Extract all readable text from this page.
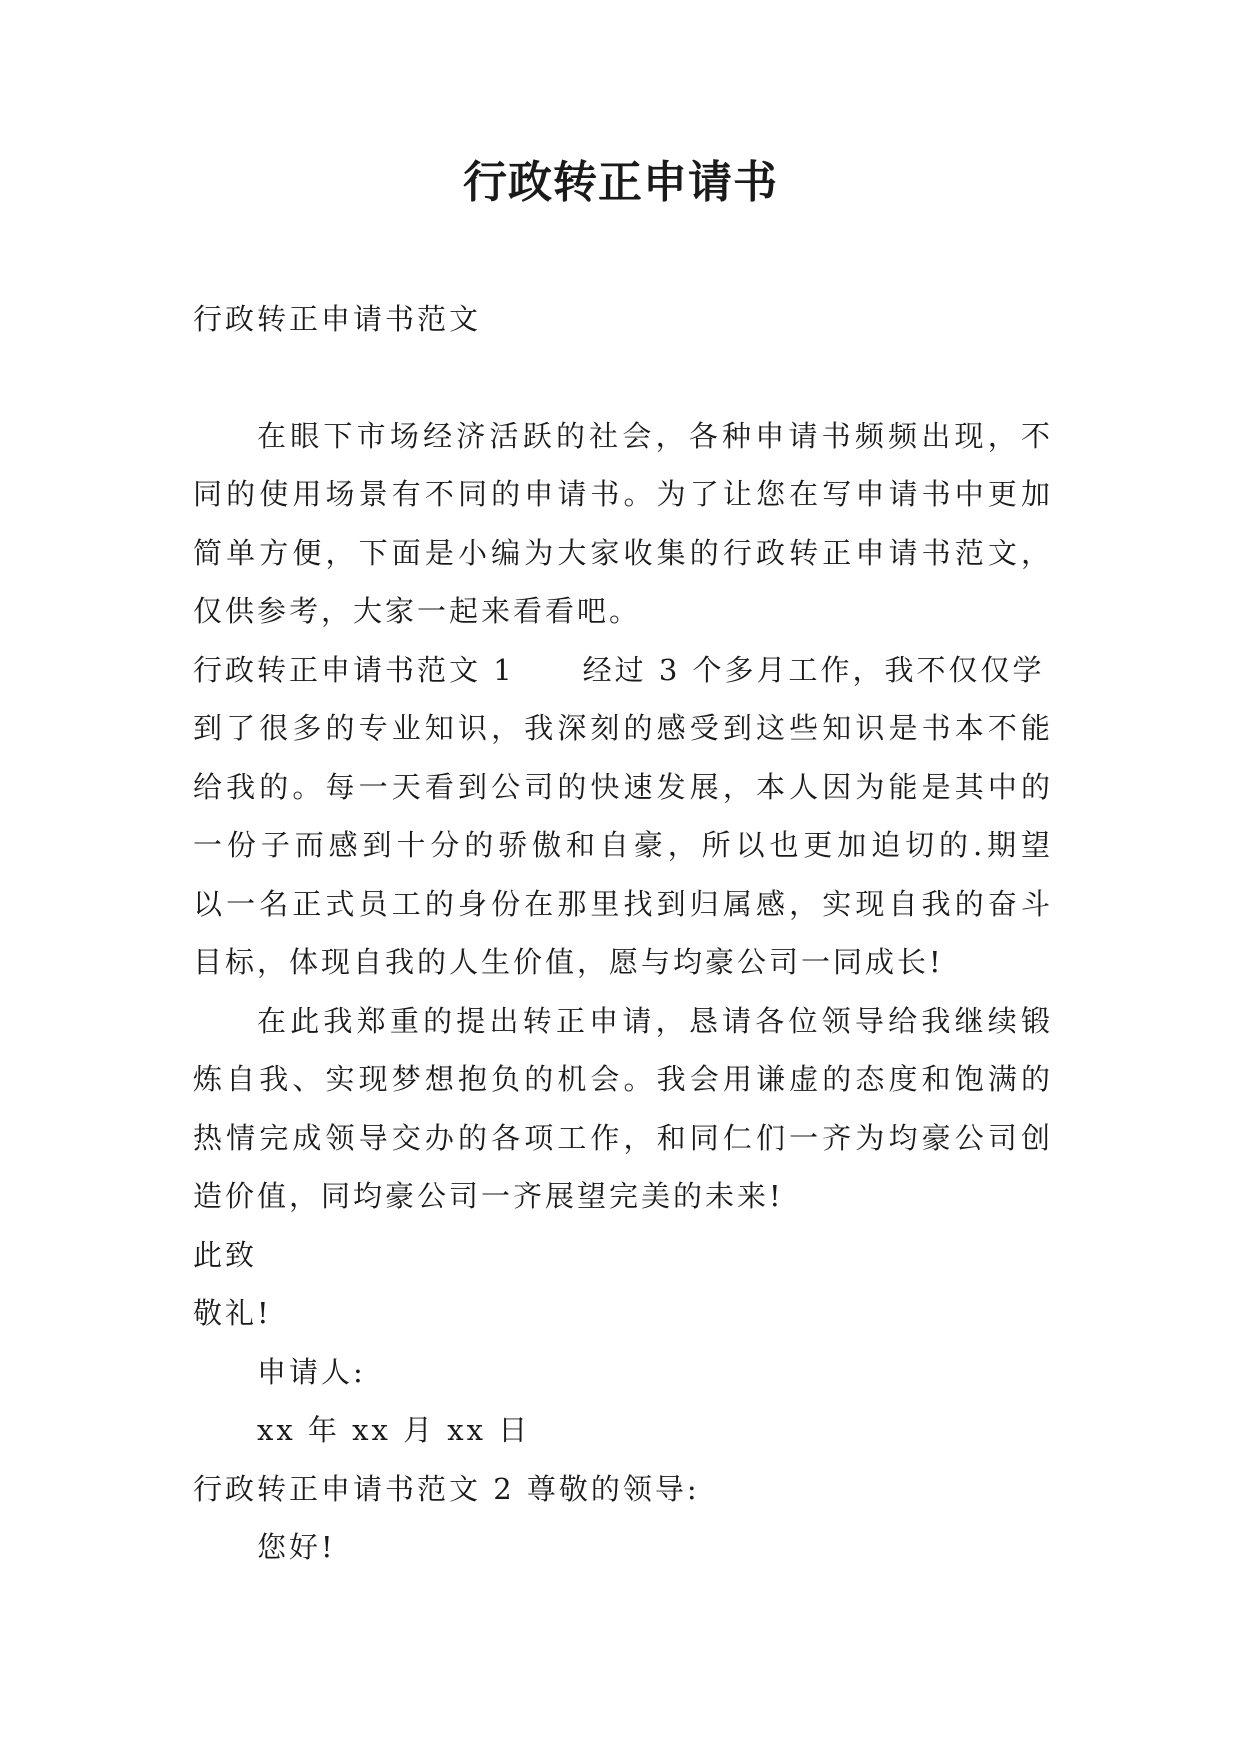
行政转正申请书
行政转正申请书范文
在眼下市场经济活跃的社会，各种申请书频频出现，不
同的使用场景有不同的申请书。为了让您在写申请书中更加
简单方便，下面是小编为大家收集的行政转正申请书范文，
仅供参考，大家一起来看看吧。
行政转正申请书范文 1 经过 3 个多月工作，我不仅仅学
到了很多的专业知识，我深刻的感受到这些知识是书本不能
给我的。每一天看到公司的快速发展，本人因为能是其中的
一份子而感到十分的骄傲和自豪，所以也更加迫切的.期望
以一名正式员工的身份在那里找到归属感，实现自我的奋斗
目标，体现自我的人生价值，愿与均豪公司一同成长!
在此我郑重的提出转正申请，恳请各位领导给我继续锻
炼自我、实现梦想抱负的机会。我会用谦虚的态度和饱满的
热情完成领导交办的各项工作，和同仁们一齐为均豪公司创
造价值，同均豪公司一齐展望完美的未来!
此致
敬礼!
申请人:
xx 年 xx 月 xx 日
行政转正申请书范文 2 尊敬的领导:
您好!
